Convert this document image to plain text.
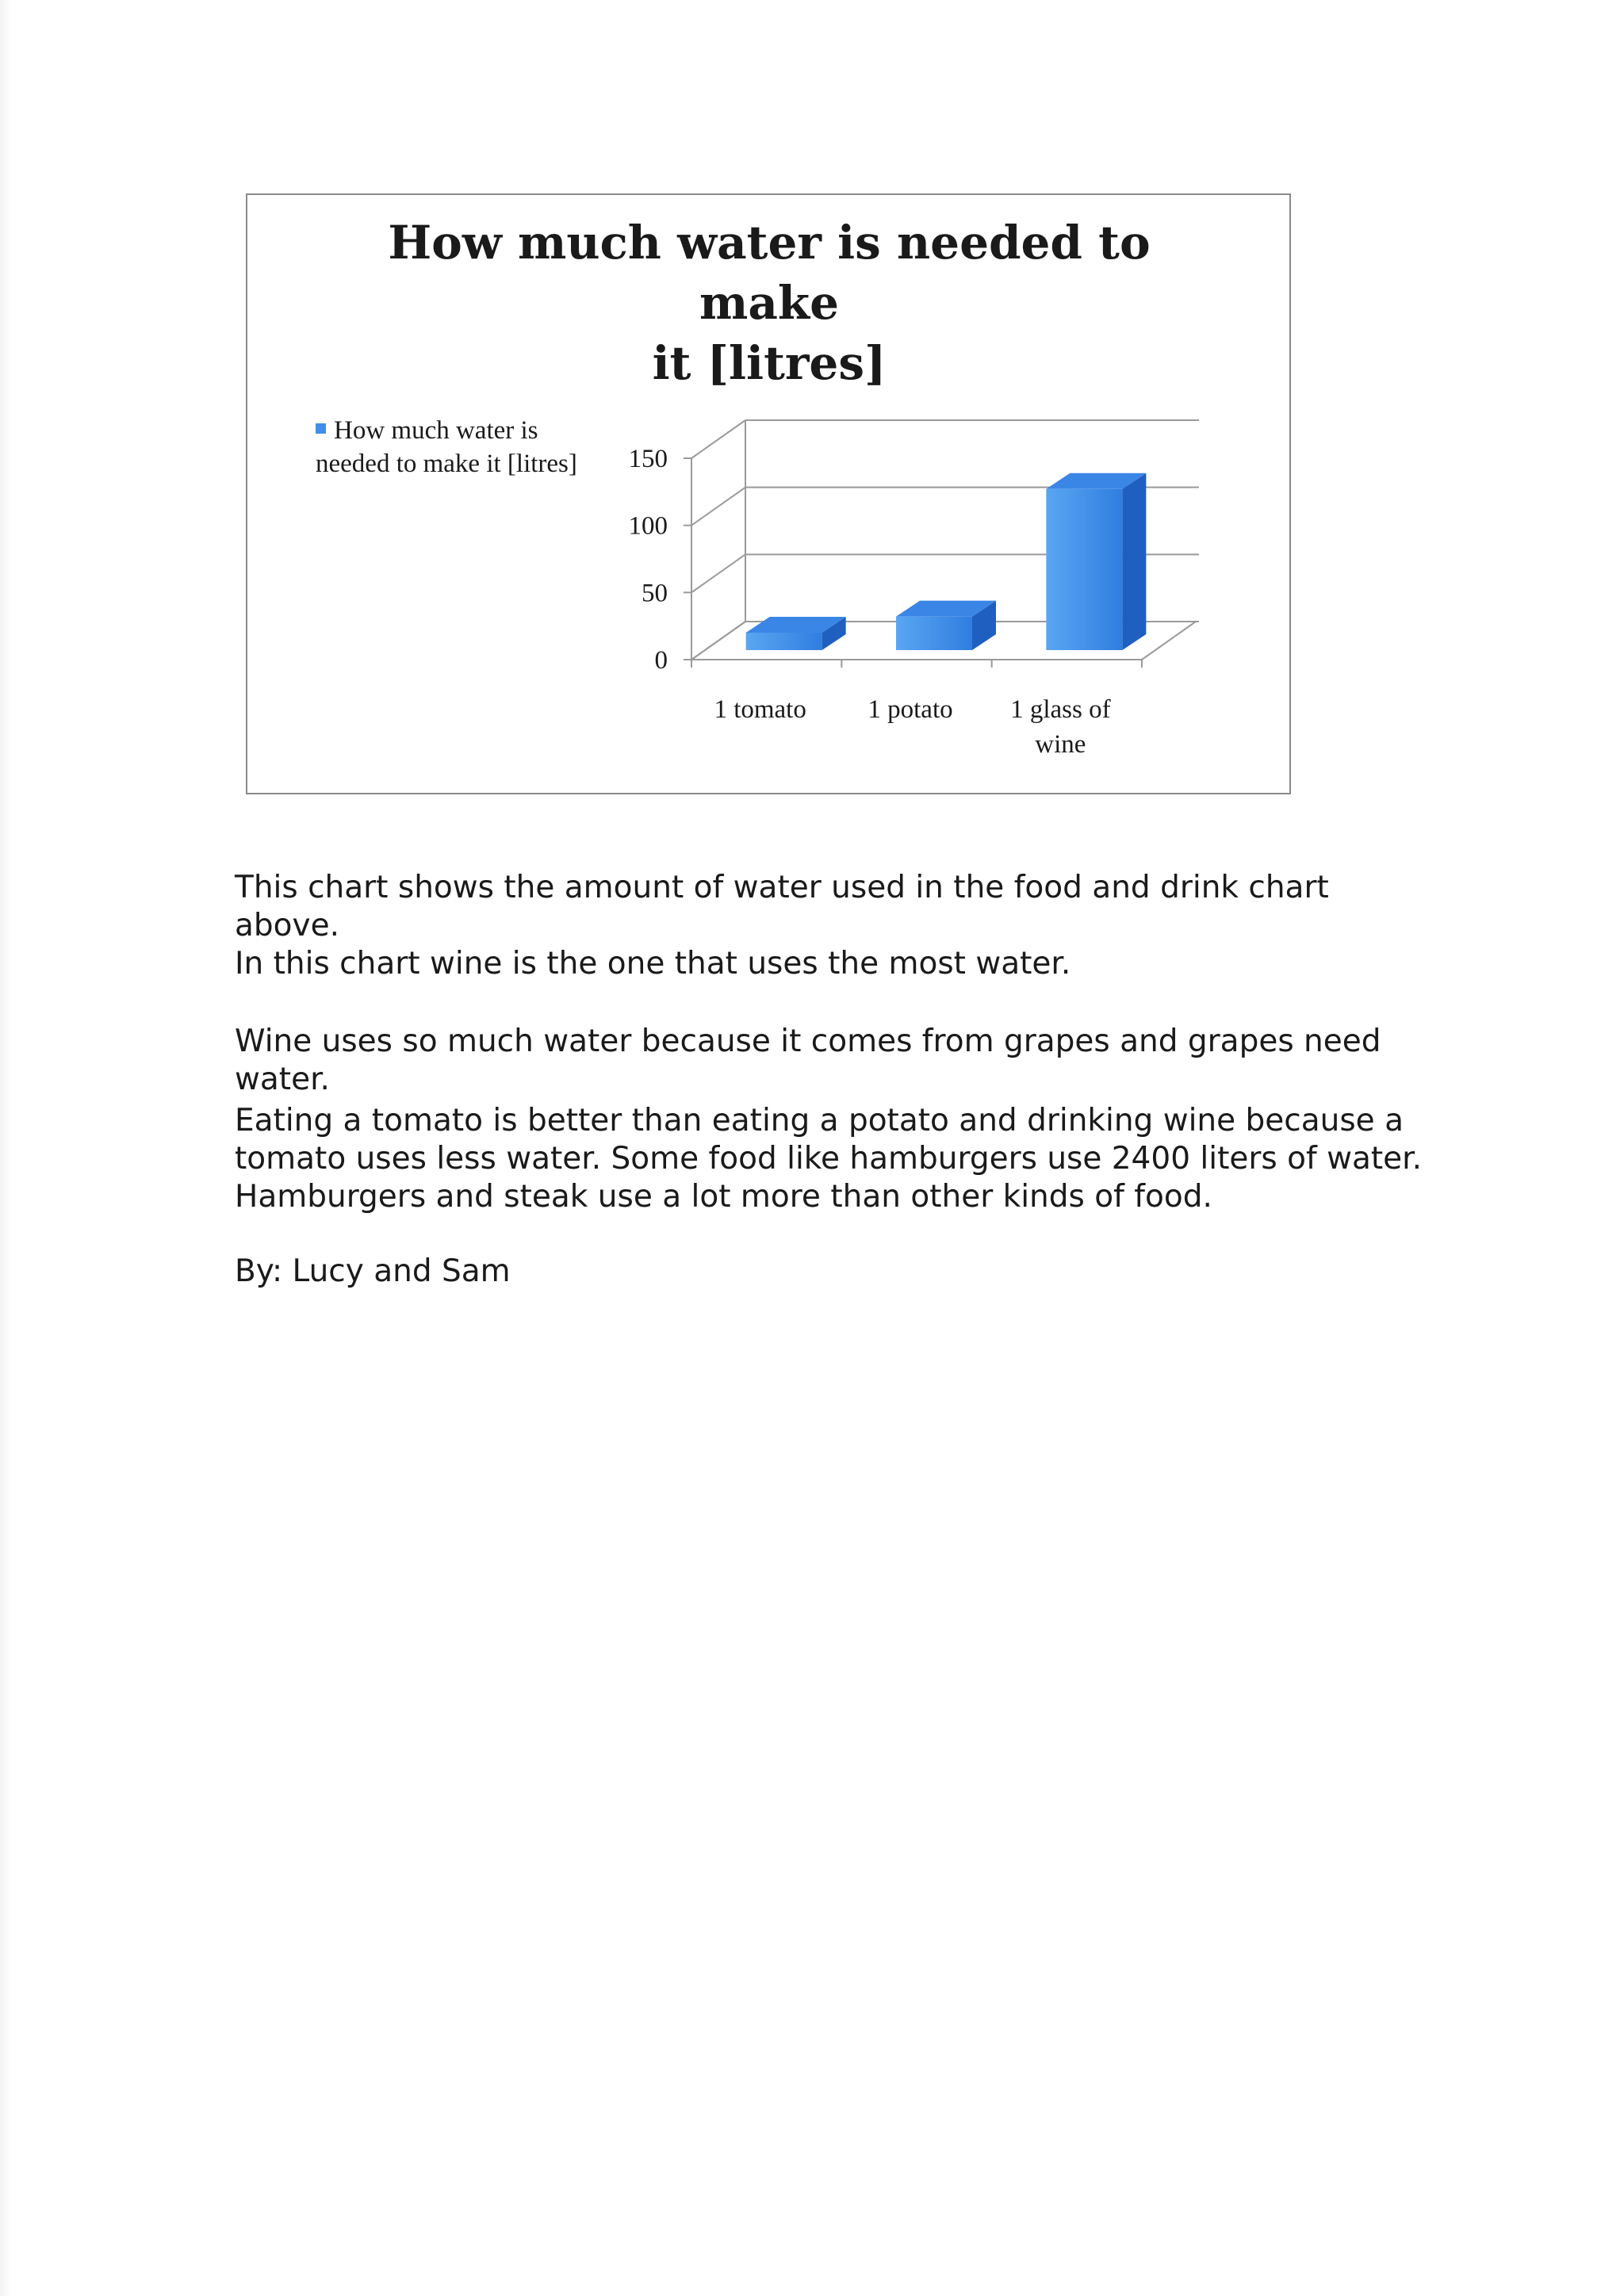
How much water is needed to make
it [litres]
How much water is
needed to make it [litres]
0
50
100
150
1 tomato 1 potato 1 glass of
wine

This chart shows the amount of water used in the food and drink chart above.

In this chart wine is the one that uses the most water.

Wine uses so much water because it comes from grapes and grapes need water.

Eating a tomato is better than eating a potato and drinking wine because a tomato uses less water. Some food like hamburgers use 2400 liters of water. Hamburgers and steak use a lot more than other kinds of food.

By: Lucy and Sam
